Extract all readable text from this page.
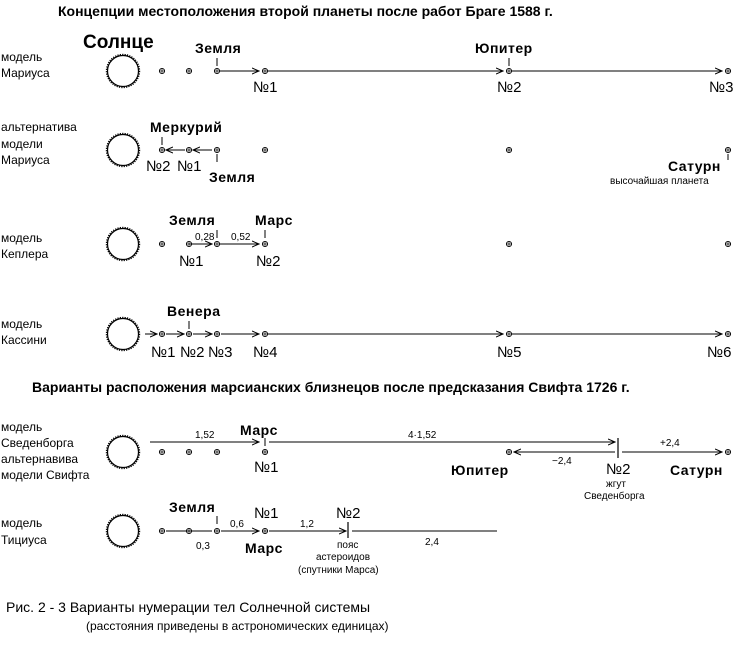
Концепции местоположения второй планеты после работ Браге 1588 г.
Варианты расположения марсианских близнецов после предсказания Свифта 1726 г.
Солнце
модель
Мариуса
Земля	Юпитер
№1	№2	№3
альтернатива
модели
Мариуса
Меркурий
№2 №1
Земля
Сатурн
высочайшая планета
модель
Кеплера
Земля	Марс
0,28 0,52
№1	№2
модель
Кассини
Венера
№1 №2 №3 №4	№5	№6
модель
Сведенборга
альтернавива
модели Свифта
1,52	4·1,52
−2,4
+2,4
Марс
№1	Юпитер	№2
жгут
Сведенборга
Сатурн
модель
Тициуса
Земля	№1	№2
Марс
0,3
0,6	1,2
2,4
пояс
астероидов
(спутники Марса)
Рис. 2 - 3 Варианты нумерации тел Солнечной системы
(расстояния приведены в астрономических единицах)
